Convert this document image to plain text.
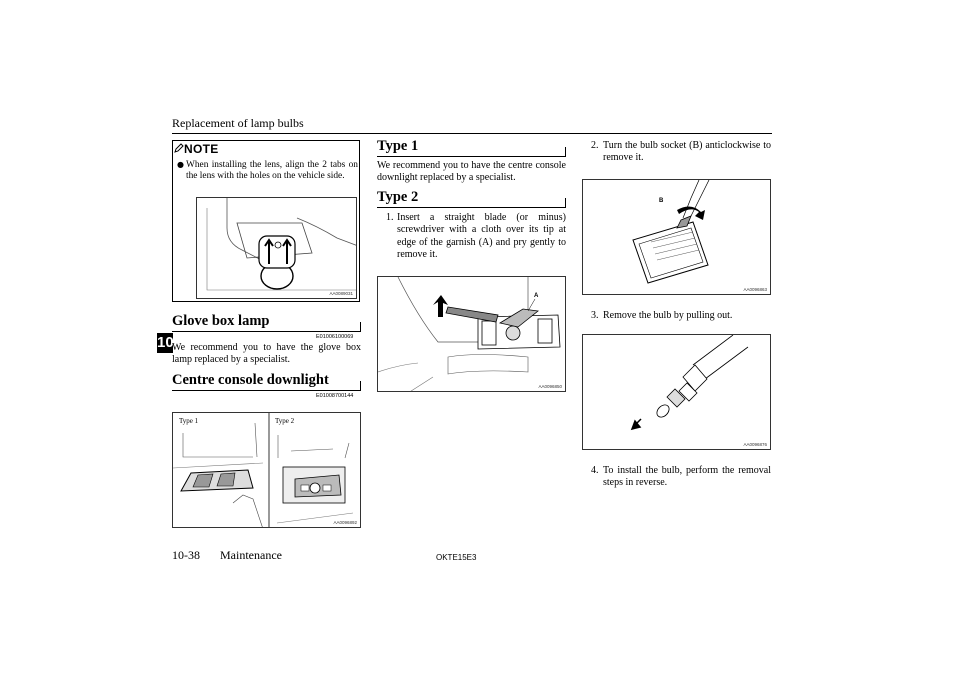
Replacement of lamp bulbs
10
NOTE
● When installing the lens, align the 2 tabs on the lens with the holes on the vehicle side.
AA0089031
Glove box lamp
E01006100069
We recommend you to have the glove box lamp replaced by a specialist.
Centre console downlight
E01008700144
Type 1	Type 2
AA0096892
Type 1
We recommend you to have the centre console downlight replaced by a specialist.
Type 2
1. Insert a straight blade (or minus) screwdriver with a cloth over its tip at edge of the garnish (A) and pry gently to remove it.
A
AA0096850
2. Turn the bulb socket (B) anticlockwise to remove it.
B
AA0096863
3. Remove the bulb by pulling out.
AA0096876
4. To install the bulb, perform the removal steps in reverse.
10-38 Maintenance	OKTE15E3
